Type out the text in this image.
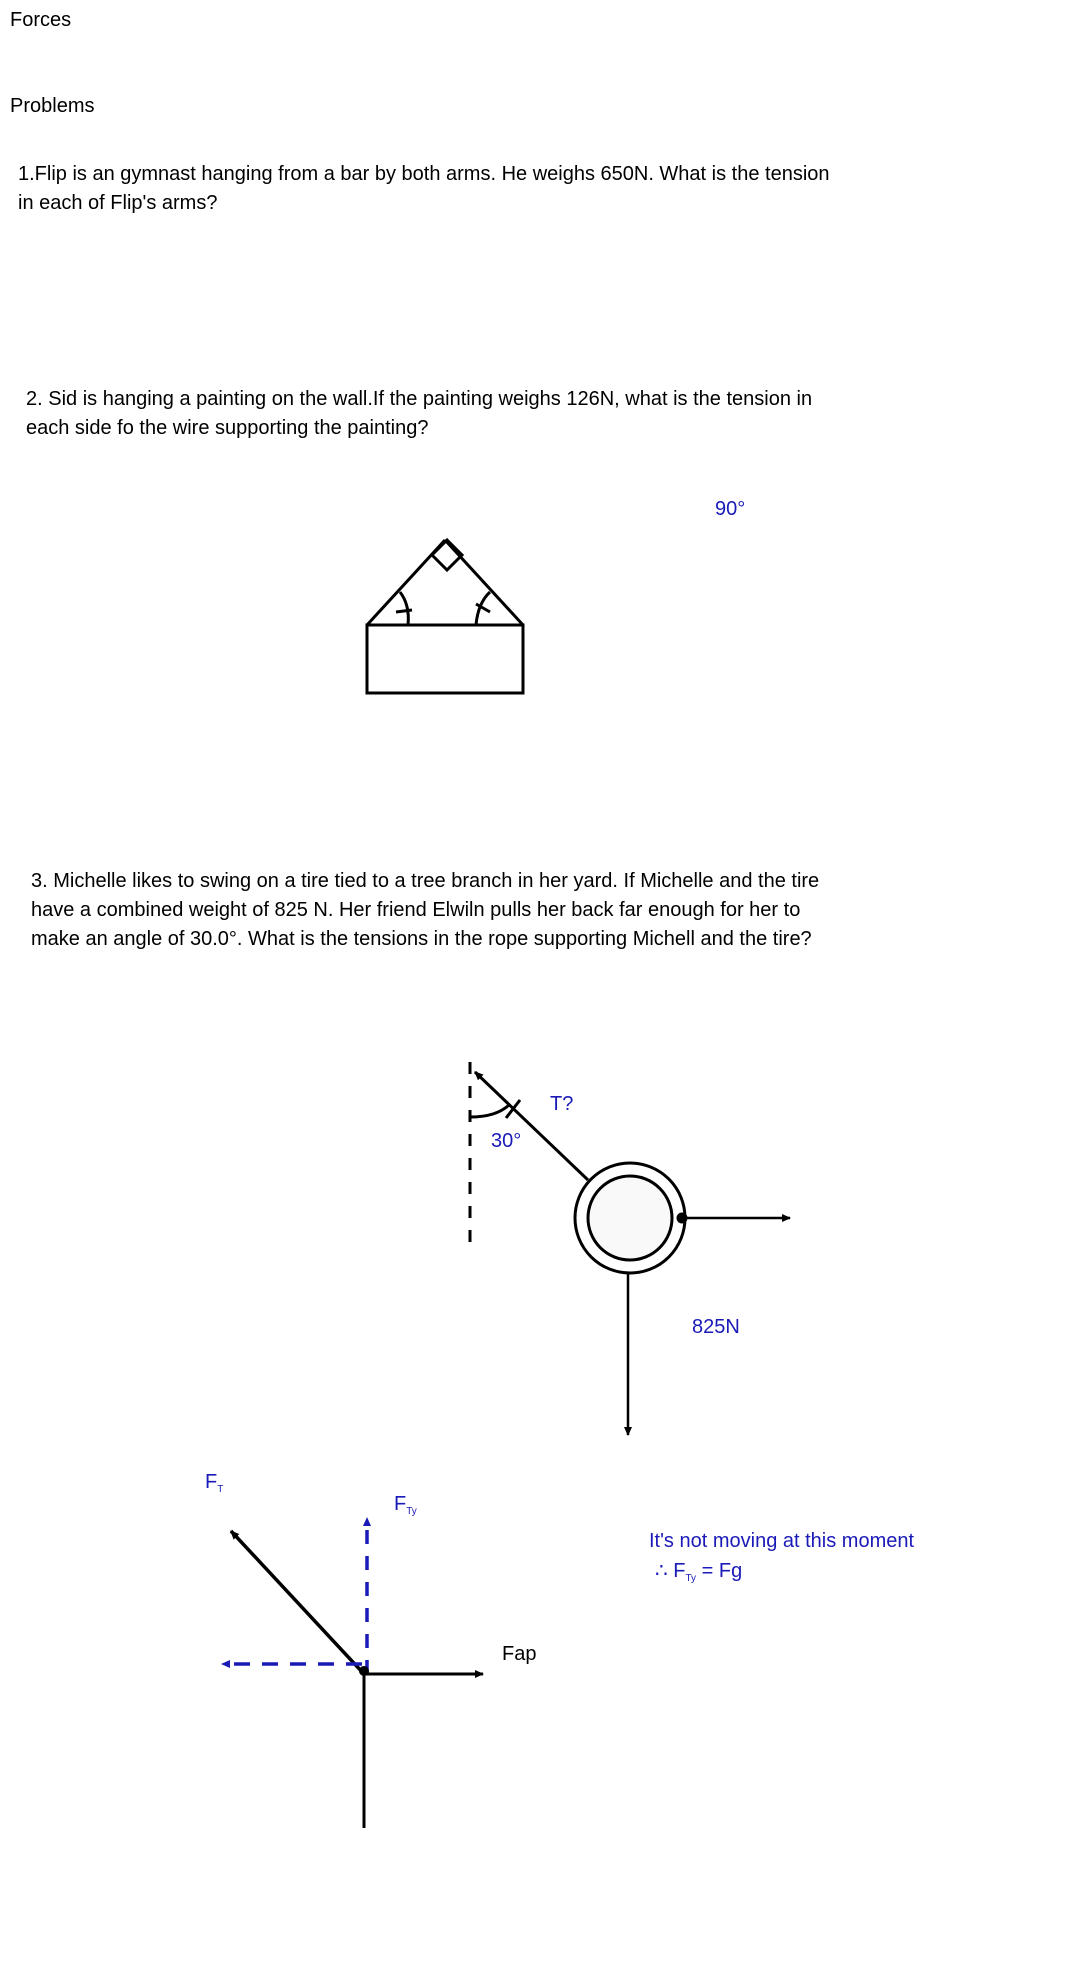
Forces
Problems
1.Flip is an gymnast hanging from a bar by both arms. He weighs 650N. What is the tension
in each of Flip's arms?
2. Sid is hanging a painting on the wall.If the painting weighs 126N, what is the tension in
each side fo the wire supporting the painting?
90°
3. Michelle likes to swing on a tire tied to a tree branch in her yard. If Michelle and the tire
have a combined weight of 825 N. Her friend Elwiln pulls her back far enough for her to
make an angle of 30.0°. What is the tensions in the rope supporting Michell and the tire?
T?
30°
825N
$F_T$
$F_{Ty}$
Fap
It's not moving at this moment
∴ $F_{Ty} = Fg$
